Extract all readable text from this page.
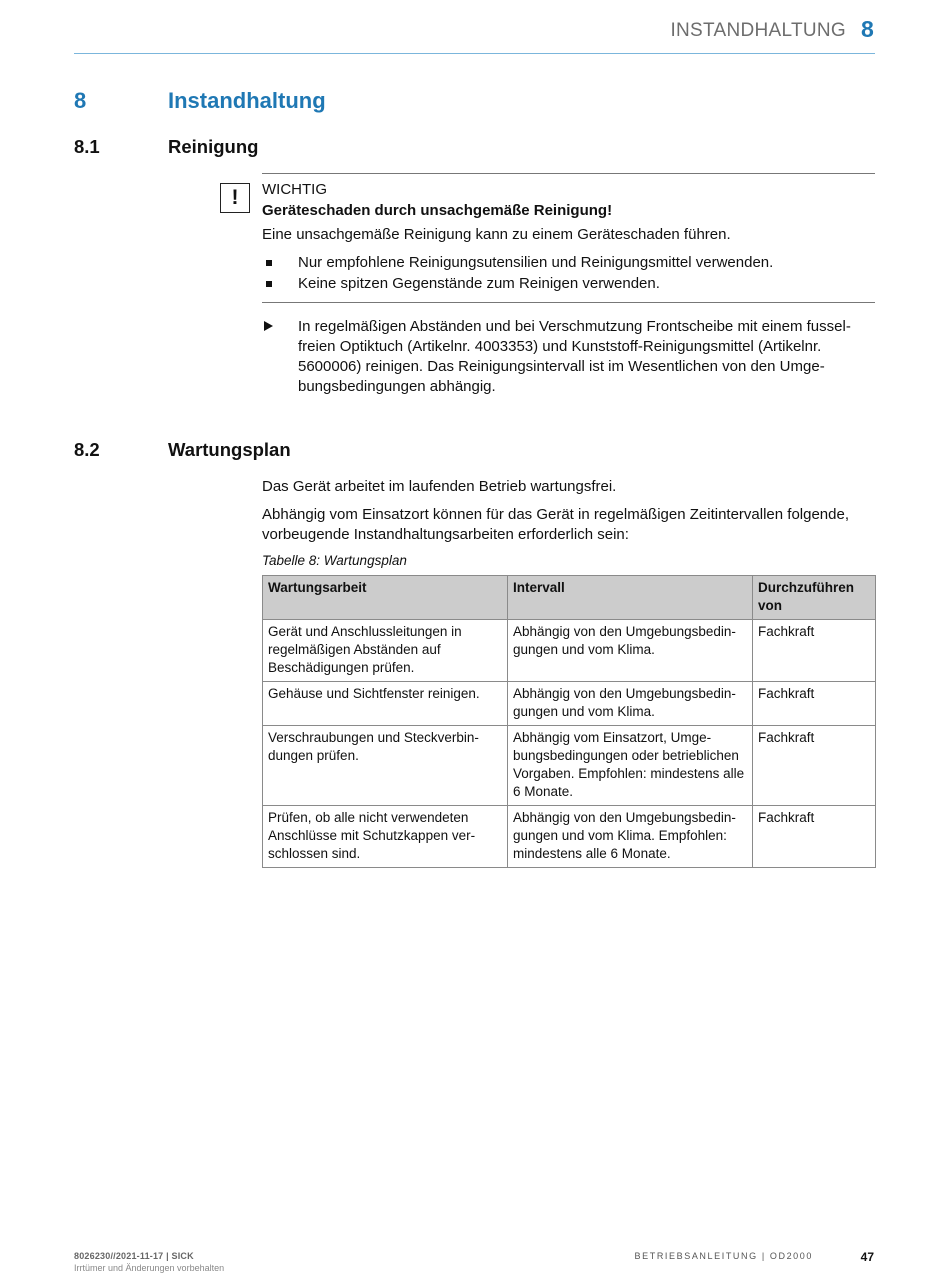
INSTANDHALTUNG 8
8	Instandhaltung
8.1	Reinigung
!	WICHTIG
Geräteschaden durch unsachgemäße Reinigung!
Eine unsachgemäße Reinigung kann zu einem Geräteschaden führen.
Nur empfohlene Reinigungsutensilien und Reinigungsmittel verwenden.
Keine spitzen Gegenstände zum Reinigen verwenden.
In regelmäßigen Abständen und bei Verschmutzung Frontscheibe mit einem fusselfreien Optiktuch (Artikelnr. 4003353) und Kunststoff-Reinigungsmittel (Artikelnr. 5600006) reinigen. Das Reinigungsintervall ist im Wesentlichen von den Umgebungsbedingungen abhängig.
8.2	Wartungsplan
Das Gerät arbeitet im laufenden Betrieb wartungsfrei.
Abhängig vom Einsatzort können für das Gerät in regelmäßigen Zeitintervallen folgende, vorbeugende Instandhaltungsarbeiten erforderlich sein:
Tabelle 8: Wartungsplan
Wartungsarbeit	Intervall	Durchzuführen von
Gerät und Anschlussleitungen in regelmäßigen Abständen auf Beschädigungen prüfen.	Abhängig von den Umgebungsbedingungen und vom Klima.	Fachkraft
Gehäuse und Sichtfenster reinigen.	Abhängig von den Umgebungsbedingungen und vom Klima.	Fachkraft
Verschraubungen und Steckverbindungen prüfen.	Abhängig vom Einsatzort, Umgebungsbedingungen oder betrieblichen Vorgaben. Empfohlen: mindestens alle 6 Monate.	Fachkraft
Prüfen, ob alle nicht verwendeten Anschlüsse mit Schutzkappen verschlossen sind.	Abhängig von den Umgebungsbedingungen und vom Klima. Empfohlen: mindestens alle 6 Monate.	Fachkraft
8026230//2021-11-17 | SICK
Irrtümer und Änderungen vorbehalten
BETRIEBSANLEITUNG | OD2000	47
